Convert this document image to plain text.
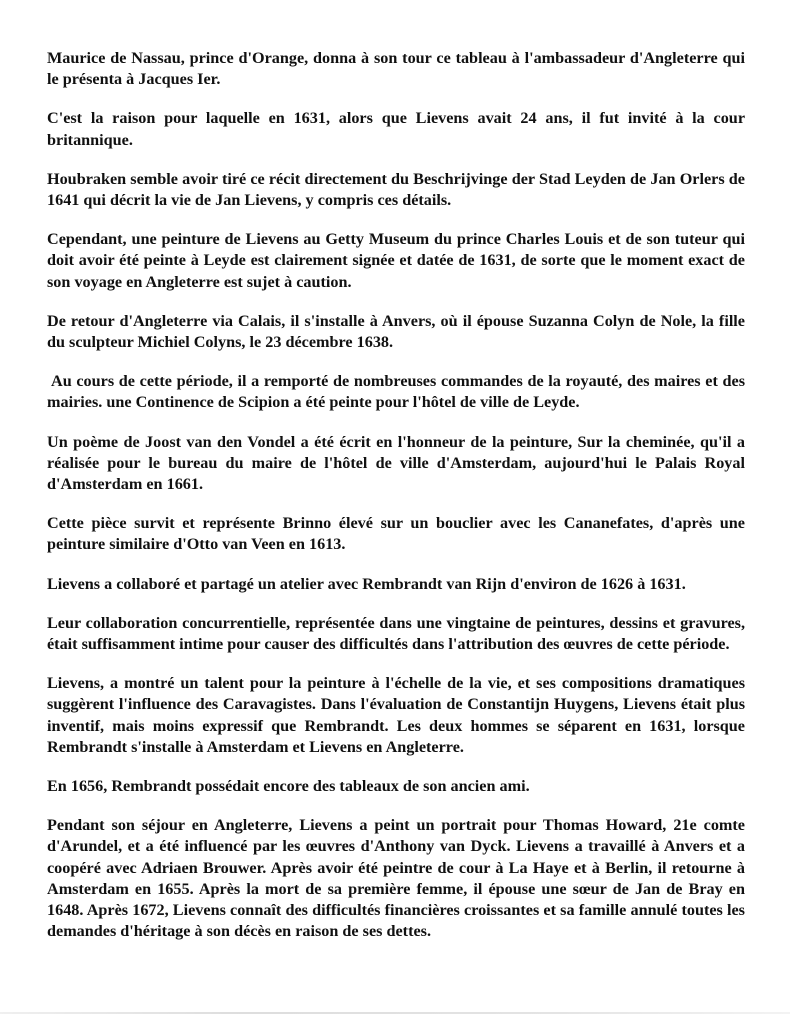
Maurice de Nassau, prince d'Orange, donna à son tour ce tableau à l'ambassadeur d'Angleterre qui le présenta à Jacques Ier.

C'est la raison pour laquelle en 1631, alors que Lievens avait 24 ans, il fut invité à la cour britannique.

Houbraken semble avoir tiré ce récit directement du Beschrijvinge der Stad Leyden de Jan Orlers de 1641 qui décrit la vie de Jan Lievens, y compris ces détails.

Cependant, une peinture de Lievens au Getty Museum du prince Charles Louis et de son tuteur qui doit avoir été peinte à Leyde est clairement signée et datée de 1631, de sorte que le moment exact de son voyage en Angleterre est sujet à caution.

De retour d'Angleterre via Calais, il s'installe à Anvers, où il épouse Suzanna Colyn de Nole, la fille du sculpteur Michiel Colyns, le 23 décembre 1638.

Au cours de cette période, il a remporté de nombreuses commandes de la royauté, des maires et des mairies. une Continence de Scipion a été peinte pour l'hôtel de ville de Leyde.

Un poème de Joost van den Vondel a été écrit en l'honneur de la peinture, Sur la cheminée, qu'il a réalisée pour le bureau du maire de l'hôtel de ville d'Amsterdam, aujourd'hui le Palais Royal d'Amsterdam en 1661.

Cette pièce survit et représente Brinno élevé sur un bouclier avec les Cananefates, d'après une peinture similaire d'Otto van Veen en 1613.

Lievens a collaboré et partagé un atelier avec Rembrandt van Rijn d'environ de 1626 à 1631.

Leur collaboration concurrentielle, représentée dans une vingtaine de peintures, dessins et gravures, était suffisamment intime pour causer des difficultés dans l'attribution des œuvres de cette période.

Lievens, a montré un talent pour la peinture à l'échelle de la vie, et ses compositions dramatiques suggèrent l'influence des Caravagistes. Dans l'évaluation de Constantijn Huygens, Lievens était plus inventif, mais moins expressif que Rembrandt. Les deux hommes se séparent en 1631, lorsque Rembrandt s'installe à Amsterdam et Lievens en Angleterre.

En 1656, Rembrandt possédait encore des tableaux de son ancien ami.

Pendant son séjour en Angleterre, Lievens a peint un portrait pour Thomas Howard, 21e comte d'Arundel, et a été influencé par les œuvres d'Anthony van Dyck. Lievens a travaillé à Anvers et a coopéré avec Adriaen Brouwer. Après avoir été peintre de cour à La Haye et à Berlin, il retourne à Amsterdam en 1655. Après la mort de sa première femme, il épouse une sœur de Jan de Bray en 1648. Après 1672, Lievens connaît des difficultés financières croissantes et sa famille annulé toutes les demandes d'héritage à son décès en raison de ses dettes.
